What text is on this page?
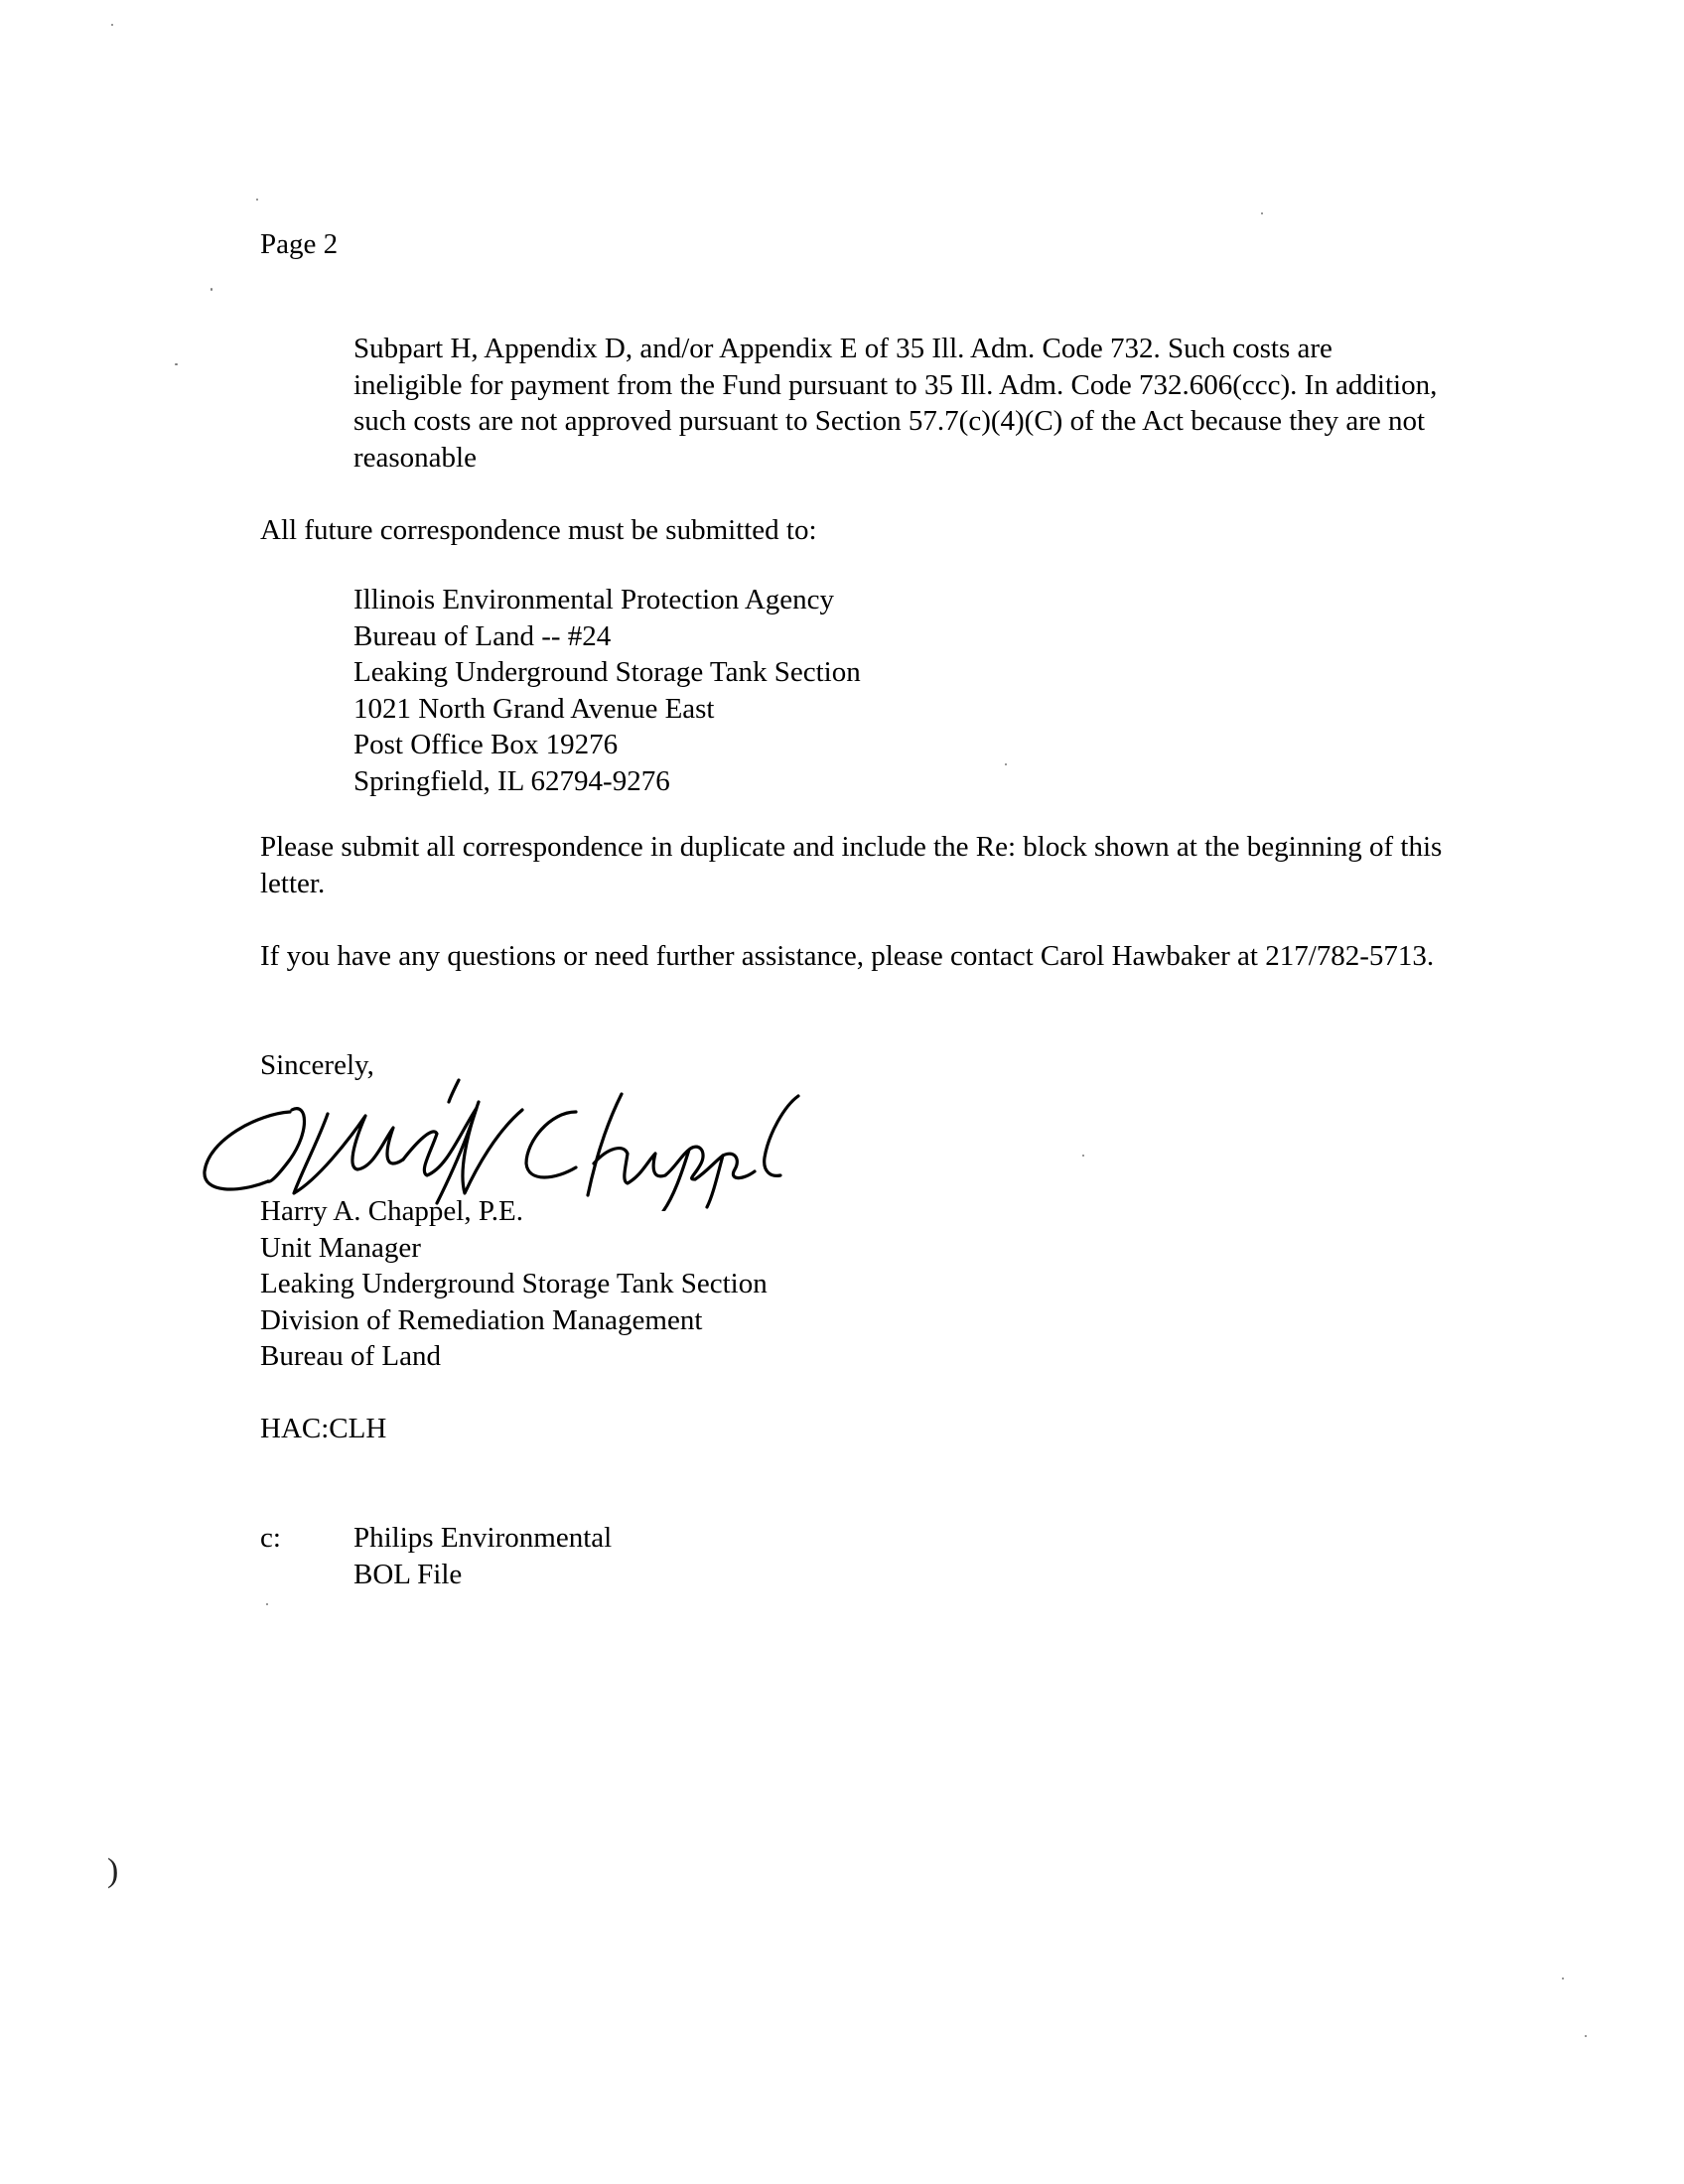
Page 2
Subpart H, Appendix D, and/or Appendix E of 35 Ill. Adm. Code 732. Such costs are ineligible for payment from the Fund pursuant to 35 Ill. Adm. Code 732.606(ccc). In addition, such costs are not approved pursuant to Section 57.7(c)(4)(C) of the Act because they are not reasonable
All future correspondence must be submitted to:
Illinois Environmental Protection Agency
Bureau of Land -- #24
Leaking Underground Storage Tank Section
1021 North Grand Avenue East
Post Office Box 19276
Springfield, IL 62794-9276
Please submit all correspondence in duplicate and include the Re: block shown at the beginning of this letter.
If you have any questions or need further assistance, please contact Carol Hawbaker at 217/782-5713.
Sincerely,
Harry A. Chappel, P.E.
Unit Manager
Leaking Underground Storage Tank Section
Division of Remediation Management
Bureau of Land
HAC:CLH
c:	Philips Environmental
BOL File
)
